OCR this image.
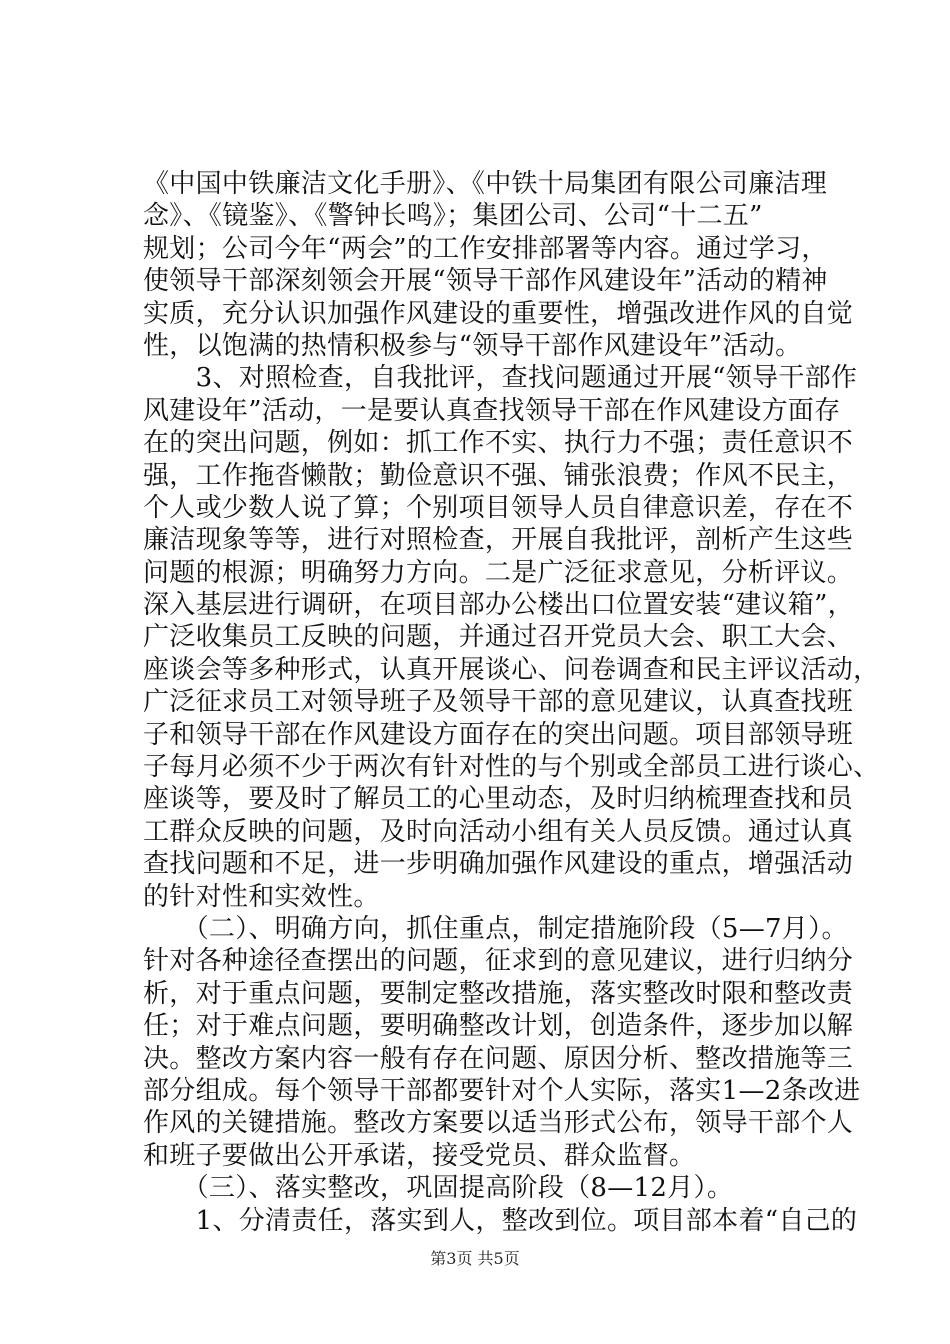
《中国中铁廉洁文化手册》、《中铁十局集团有限公司廉洁理
念》、《镜鉴》、《警钟长鸣》；集团公司、公司“十二五”
规划；公司今年“两会”的工作安排部署等内容。通过学习，
使领导干部深刻领会开展“领导干部作风建设年”活动的精神
实质，充分认识加强作风建设的重要性，增强改进作风的自觉
性，以饱满的热情积极参与“领导干部作风建设年”活动。
　　3、对照检查，自我批评，查找问题通过开展“领导干部作
风建设年”活动，一是要认真查找领导干部在作风建设方面存
在的突出问题，例如：抓工作不实、执行力不强；责任意识不
强，工作拖沓懒散；勤俭意识不强、铺张浪费；作风不民主，
个人或少数人说了算；个别项目领导人员自律意识差，存在不
廉洁现象等等，进行对照检查，开展自我批评，剖析产生这些
问题的根源；明确努力方向。二是广泛征求意见，分析评议。
深入基层进行调研，在项目部办公楼出口位置安装“建议箱”，
广泛收集员工反映的问题，并通过召开党员大会、职工大会、
座谈会等多种形式，认真开展谈心、问卷调查和民主评议活动，
广泛征求员工对领导班子及领导干部的意见建议，认真查找班
子和领导干部在作风建设方面存在的突出问题。项目部领导班
子每月必须不少于两次有针对性的与个别或全部员工进行谈心、
座谈等，要及时了解员工的心里动态，及时归纳梳理查找和员
工群众反映的问题，及时向活动小组有关人员反馈。通过认真
查找问题和不足，进一步明确加强作风建设的重点，增强活动
的针对性和实效性。
　　（二）、明确方向，抓住重点，制定措施阶段（5—7月）。
针对各种途径查摆出的问题，征求到的意见建议，进行归纳分
析，对于重点问题，要制定整改措施，落实整改时限和整改责
任；对于难点问题，要明确整改计划，创造条件，逐步加以解
决。整改方案内容一般有存在问题、原因分析、整改措施等三
部分组成。每个领导干部都要针对个人实际，落实1—2条改进
作风的关键措施。整改方案要以适当形式公布，领导干部个人
和班子要做出公开承诺，接受党员、群众监督。
　　（三）、落实整改，巩固提高阶段（8—12月）。
　　1、分清责任，落实到人，整改到位。项目部本着“自己的
第3页 共5页
